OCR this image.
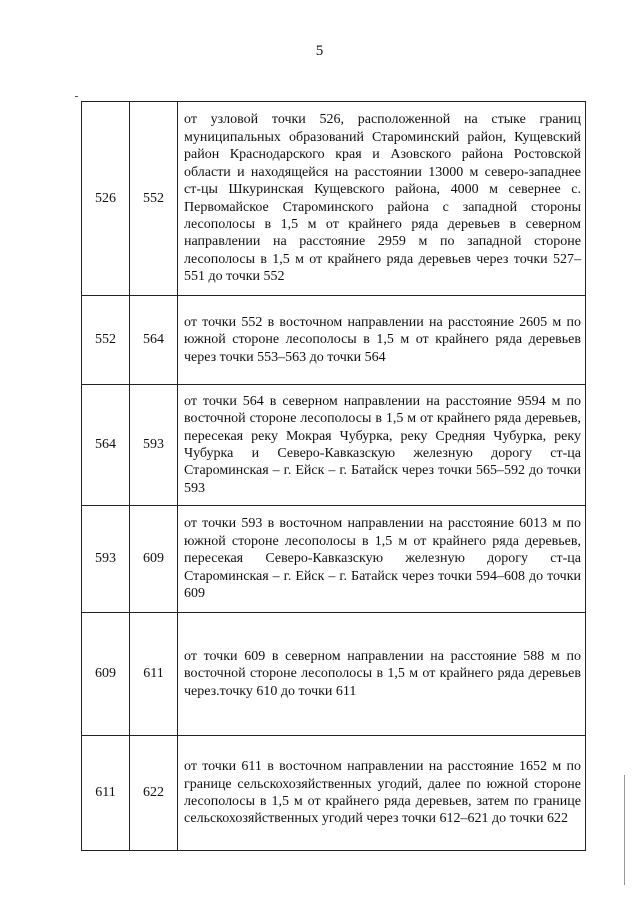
5
526	552	от узловой точки 526, расположенной на стыке границ муниципальных образований Староминский район, Кущевский район Краснодарского края и Азовского района Ростовской области и находящейся на расстоянии 13000 м северо-западнее ст-цы Шкуринская Кущевского района, 4000 м севернее с. Первомайское Староминского района с западной стороны лесополосы в 1,5 м от крайнего ряда деревьев в северном направлении на расстояние 2959 м по западной стороне лесополосы в 1,5 м от крайнего ряда деревьев через точки 527–551 до точки 552

552	564	от точки 552 в восточном направлении на расстояние 2605 м по южной стороне лесополосы в 1,5 м от крайнего ряда деревьев через точки 553–563 до точки 564

564	593	от точки 564 в северном направлении на расстояние 9594 м по восточной стороне лесополосы в 1,5 м от крайнего ряда деревьев, пересекая реку Мокрая Чубурка, реку Средняя Чубурка, реку Чубурка и Северо-Кавказскую железную дорогу ст-ца Староминская – г. Ейск – г. Батайск через точки 565–592 до точки 593

593	609	от точки 593 в восточном направлении на расстояние 6013 м по южной стороне лесополосы в 1,5 м от крайнего ряда деревьев, пересекая Северо-Кавказскую железную дорогу ст-ца Староминская – г. Ейск – г. Батайск через точки 594–608 до точки 609

609	611	от точки 609 в северном направлении на расстояние 588 м по восточной стороне лесополосы в 1,5 м от крайнего ряда деревьев через.точку 610 до точки 611

611	622	от точки 611 в восточном направлении на расстояние 1652 м по границе сельскохозяйственных угодий, далее по южной стороне лесополосы в 1,5 м от крайнего ряда деревьев, затем по границе сельскохозяйственных угодий через точки 612–621 до точки 622
